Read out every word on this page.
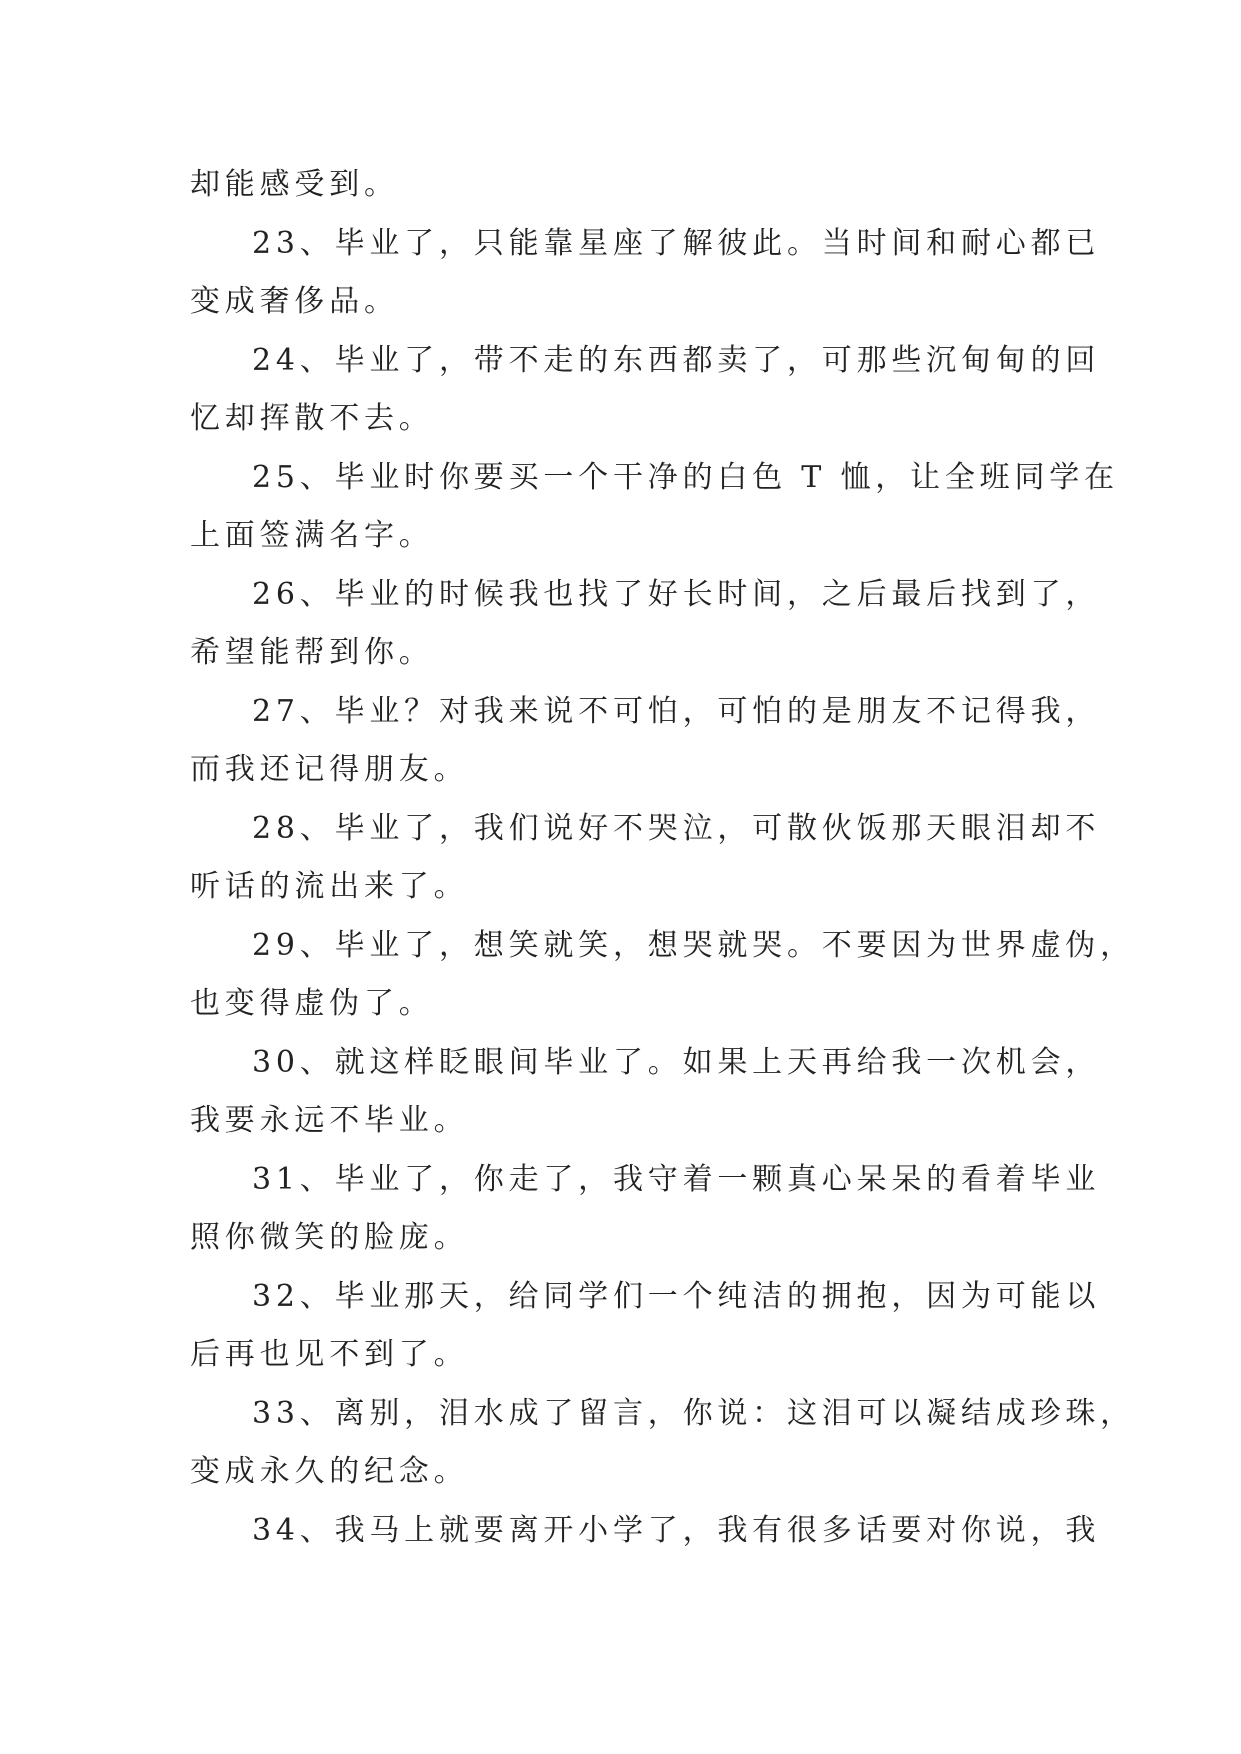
却能感受到。
23、毕业了，只能靠星座了解彼此。当时间和耐心都已
变成奢侈品。
24、毕业了，带不走的东西都卖了，可那些沉甸甸的回
忆却挥散不去。
25、毕业时你要买一个干净的白色 T 恤，让全班同学在
上面签满名字。
26、毕业的时候我也找了好长时间，之后最后找到了，
希望能帮到你。
27、毕业？对我来说不可怕，可怕的是朋友不记得我，
而我还记得朋友。
28、毕业了，我们说好不哭泣，可散伙饭那天眼泪却不
听话的流出来了。
29、毕业了，想笑就笑，想哭就哭。不要因为世界虚伪，
也变得虚伪了。
30、就这样眨眼间毕业了。如果上天再给我一次机会，
我要永远不毕业。
31、毕业了，你走了，我守着一颗真心呆呆的看着毕业
照你微笑的脸庞。
32、毕业那天，给同学们一个纯洁的拥抱，因为可能以
后再也见不到了。
33、离别，泪水成了留言，你说：这泪可以凝结成珍珠，
变成永久的纪念。
34、我马上就要离开小学了，我有很多话要对你说，我
